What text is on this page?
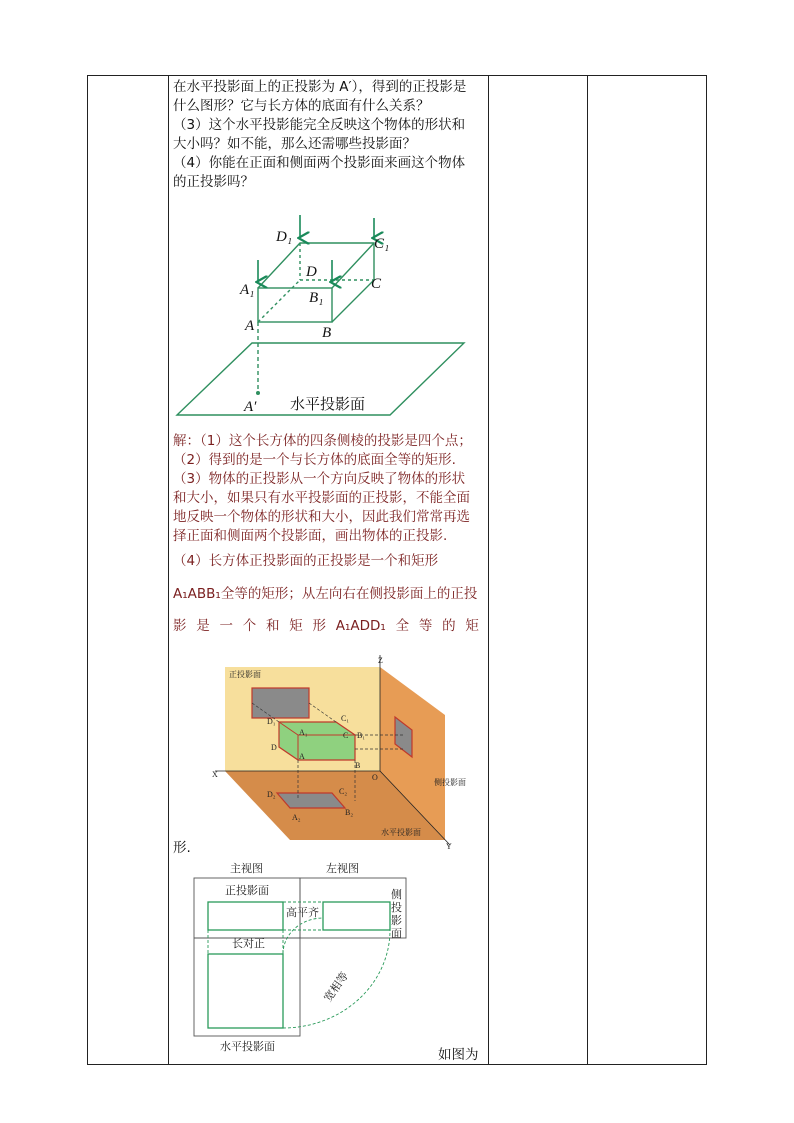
在水平投影面上的正投影为 A′），得到的正投影是

什么图形？它与长方体的底面有什么关系？

（3）这个水平投影能完全反映这个物体的形状和

大小吗？如不能，那么还需哪些投影面？

（4）你能在正面和侧面两个投影面来画这个物体

的正投影吗？

D₁	C₁
D
C
A₁	B₁
A	B
A′ 水平投影面

解：（1）这个长方体的四条侧棱的投影是四个点；

（2）得到的是一个与长方体的底面全等的矩形.

（3）物体的正投影从一个方向反映了物体的形状

和大小，如果只有水平投影面的正投影，不能全面

地反映一个物体的形状和大小，因此我们常常再选

择正面和侧面两个投影面，画出物体的正投影.

（4）长方体正投影面的正投影是一个和矩形

A₁ABB₁全等的矩形；从左向右在侧投影面上的正投

影 是 一 个 和 矩 形 A₁ADD₁ 全 等 的 矩
正投影面
Z
X
Y
O
D₁	C₁
A₁	C B₁
D
A
B
D₂	C₂
A₂
B₂
侧投影面
水平投影面
形.
主视图	左视图
正投影面
高平齐
长对正
水平投影面
侧
投
影
面
宽相等
如图为
